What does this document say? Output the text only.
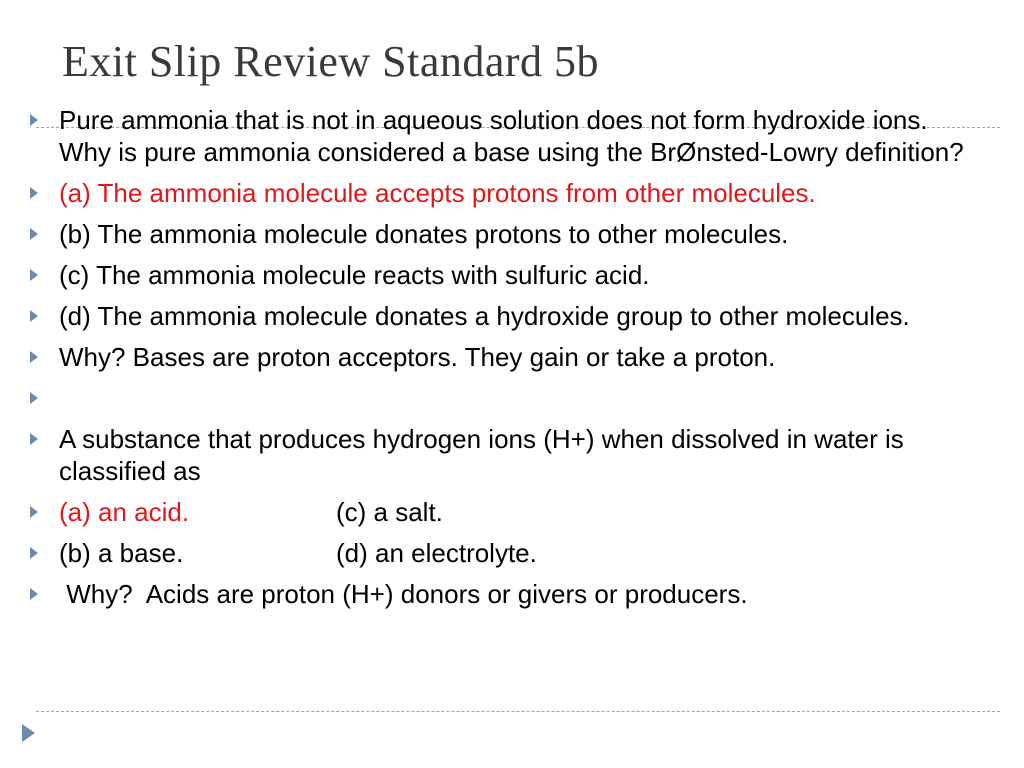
Exit Slip Review Standard 5b
Pure ammonia that is not in aqueous solution does not form hydroxide ions. Why is pure ammonia considered a base using the BrØnsted-Lowry definition?
(a) The ammonia molecule accepts protons from other molecules.
(b) The ammonia molecule donates protons to other molecules.
(c) The ammonia molecule reacts with sulfuric acid.
(d) The ammonia molecule donates a hydroxide group to other molecules.
Why? Bases are proton acceptors. They gain or take a proton.
A substance that produces hydrogen ions (H+) when dissolved in water is classified as
(a) an acid.	(c) a salt.
(b) a base.	(d) an electrolyte.
Why?  Acids are proton (H+) donors or givers or producers.
